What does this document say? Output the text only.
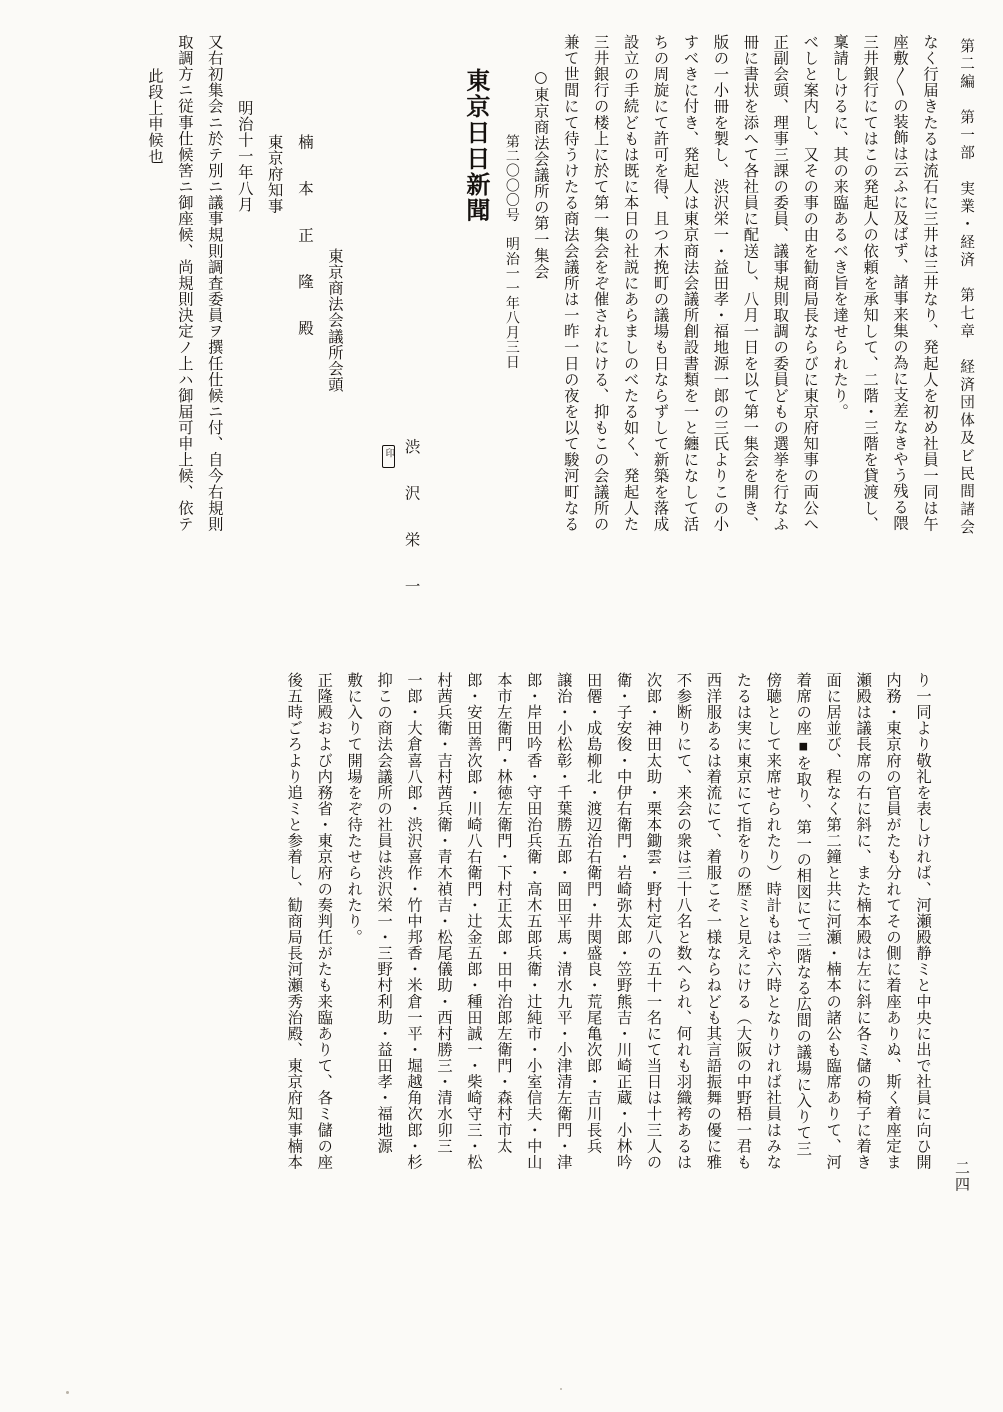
第二編　第一部　実業・経済　第七章　経済団体及ビ民間諸会
二四
此段上申候也 取調方ニ従事仕候筈ニ御座候、尚規則決定ノ上ハ御届可申上候、依テ 又右初集会ニ於テ別ニ議事規則調査委員ヲ撰任仕候ニ付、自今右規則 明治十一年八月 東京府知事 楠　本　正　隆　殿 東京商法会議所会頭

渋　沢　栄　一
印

東京日日新聞 第二〇〇〇号　明治一一年八月三日 ○東京商法会議所の第一集会 兼て世間にて待うけたる商法会議所は一昨一日の夜を以て駿河町なる 三井銀行の楼上に於て第一集会をぞ催されにける、抑もこの会議所の 設立の手続どもは既に本日の社説にあらましのべたる如く、発起人た ちの周旋にて許可を得、且つ木挽町の議場も日ならずして新築を落成 すべきに付き、発起人は東京商法会議所創設書類を一と纏になして活 版の一小冊を製し、渋沢栄一・益田孝・福地源一郎の三氏よりこの小 冊に書状を添へて各社員に配送し、八月一日を以て第一集会を開き、 正副会頭、理事三課の委員、議事規則取調の委員どもの選挙を行なふ べしと案内し、又その事の由を勧商局長ならびに東京府知事の両公へ 稟請しけるに、其の来臨あるべき旨を達せられたり。 三井銀行にてはこの発起人の依頼を承知して、二階・三階を貸渡し、 座敷〳〵の装飾は云ふに及ばず、諸事来集の為に支差なきやう残る隈 なく行届きたるは流石に三井は三井なり、発起人を初め社員一同は午
後五時ごろより追ミと参着し、勧商局長河瀬秀治殿、東京府知事楠本 正隆殿および内務省・東京府の奏判任がたも来臨ありて、各ミ儲の座 敷に入りて開場をぞ待たせられたり。 抑この商法会議所の社員は渋沢栄一・三野村利助・益田孝・福地源 一郎・大倉喜八郎・渋沢喜作・竹中邦香・米倉一平・堀越角次郎・杉 村茜兵衛・吉村茜兵衛・青木禎吉・松尾儀助・西村勝三・清水卯三 郎・安田善次郎・川崎八右衛門・辻金五郎・種田誠一・柴崎守三・松 本市左衛門・林徳左衛門・下村正太郎・田中治郎左衛門・森村市太 郎・岸田吟香・守田治兵衛・高木五郎兵衛・辻純市・小室信夫・中山 譲治・小松彰・千葉勝五郎・岡田平馬・清水九平・小津清左衛門・津 田僊・成島柳北・渡辺治右衛門・井関盛良・荒尾亀次郎・吉川長兵 衛・子安俊・中伊右衛門・岩崎弥太郎・笠野熊吉・川崎正蔵・小林吟 次郎・神田太助・栗本鋤雲・野村定八の五十一名にて当日は十三人の 不参断りにて、来会の衆は三十八名と数へられ、何れも羽織袴あるは 西洋服あるは着流にて、着服こそ一様ならねども其言語振舞の優に雅 たるは実に東京にて指をりの歴ミと見えにける（大阪の中野梧一君も 傍聴として来席せられたり）時計もはや六時となりければ社員はみな 着席の座▪を取り、第一の相図にて三階なる広間の議場に入りて三 面に居並び、程なく第二鐘と共に河瀬・楠本の諸公も臨席ありて、河 瀬殿は議長席の右に斜に、また楠本殿は左に斜に各ミ儲の椅子に着き 内務・東京府の官員がたも分れてその側に着座ありぬ、斯く着座定ま り一同より敬礼を表しければ、河瀬殿静ミと中央に出で社員に向ひ開
